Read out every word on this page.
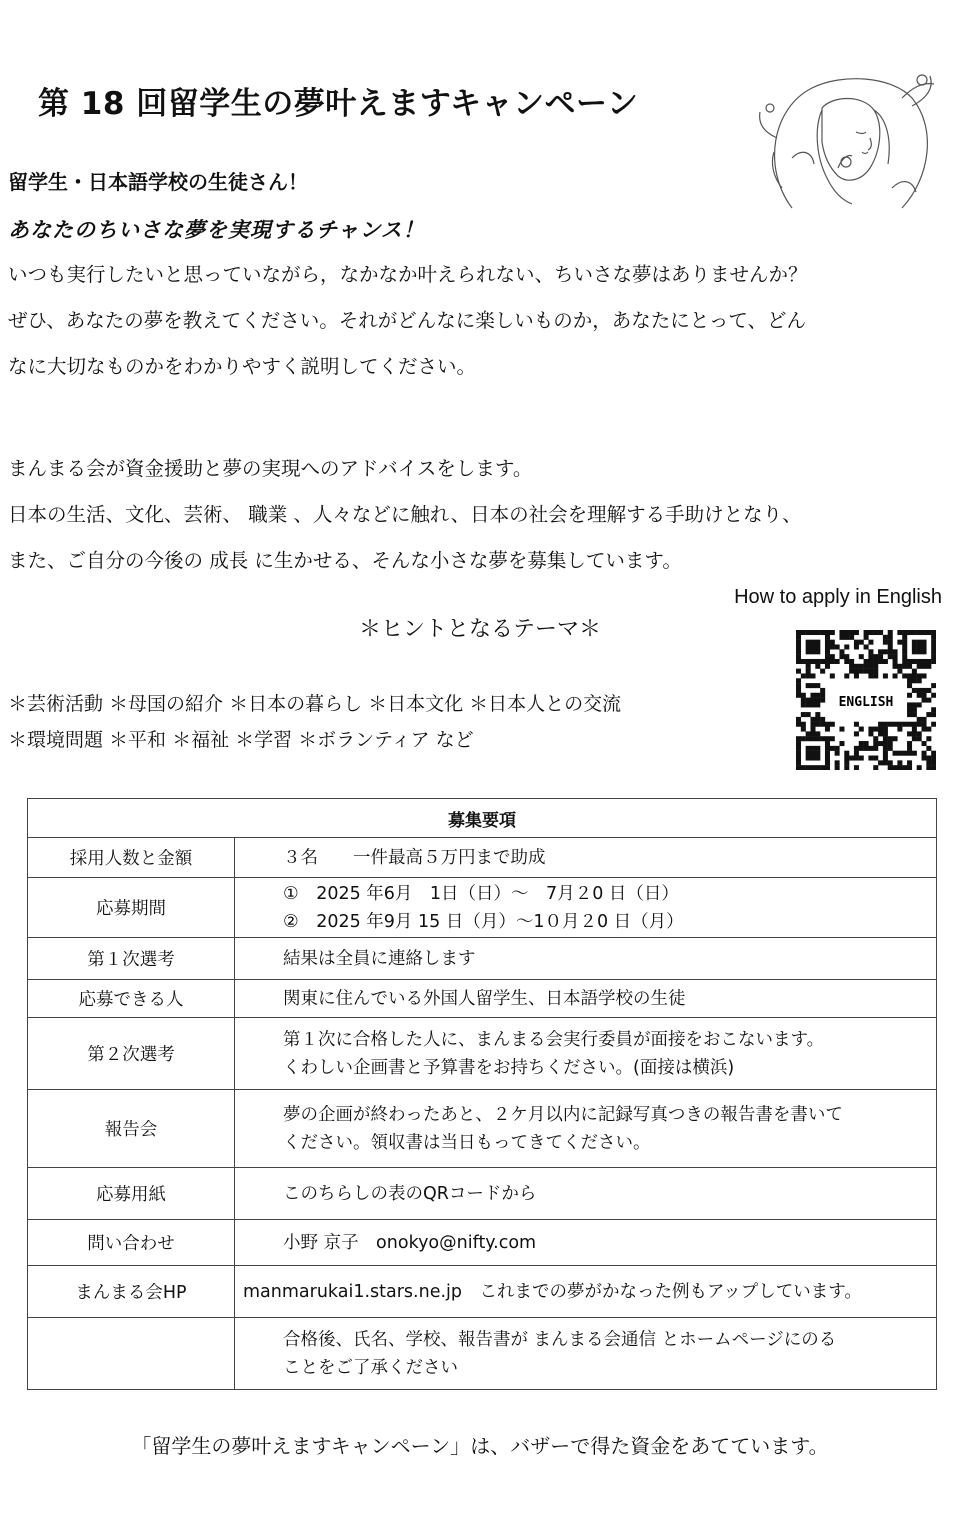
第 18 回留学生の夢叶えますキャンペーン
留学生・日本語学校の生徒さん！
あなたのちいさな夢を実現するチャンス！
いつも実行したいと思っていながら，なかなか叶えられない、ちいさな夢はありませんか？
ぜひ、あなたの夢を教えてください。それがどんなに楽しいものか，あなたにとって、どん
なに大切なものかをわかりやすく説明してください。
まんまる会が資金援助と夢の実現へのアドバイスをします。
日本の生活、文化、芸術、 職業 、人々などに触れ、日本の社会を理解する手助けとなり、
また、ご自分の今後の 成長 に生かせる、そんな小さな夢を募集しています。
How to apply in English
＊ヒントとなるテーマ＊
＊芸術活動 ＊母国の紹介 ＊日本の暮らし ＊日本文化 ＊日本人との交流
＊環境問題 ＊平和 ＊福祉 ＊学習 ＊ボランティア など
ENGLISH
募集要項	
採用人数と金額	３名　　一件最高５万円まで助成

応募期間	①　2025 年6月　1日（日）～　7月２0 日（日）
②　2025 年9月 15 日（月）～1０月２0 日（月）

第１次選考	結果は全員に連絡します

応募できる人	関東に住んでいる外国人留学生、日本語学校の生徒

第２次選考	第１次に合格した人に、まんまる会実行委員が面接をおこないます。
くわしい企画書と予算書をお持ちください。(面接は横浜)

報告会	夢の企画が終わったあと、２ケ月以内に記録写真つきの報告書を書いて
ください。領収書は当日もってきてください。

応募用紙	このちらしの表のQRコードから

問い合わせ	小野 京子　onokyo@nifty.com

まんまる会HP	manmarukai1.stars.ne.jp　これまでの夢がかなった例もアップしています。

	合格後、氏名、学校、報告書が まんまる会通信 とホームページにのる
ことをご了承ください
「留学生の夢叶えますキャンペーン」は、バザーで得た資金をあてています。
